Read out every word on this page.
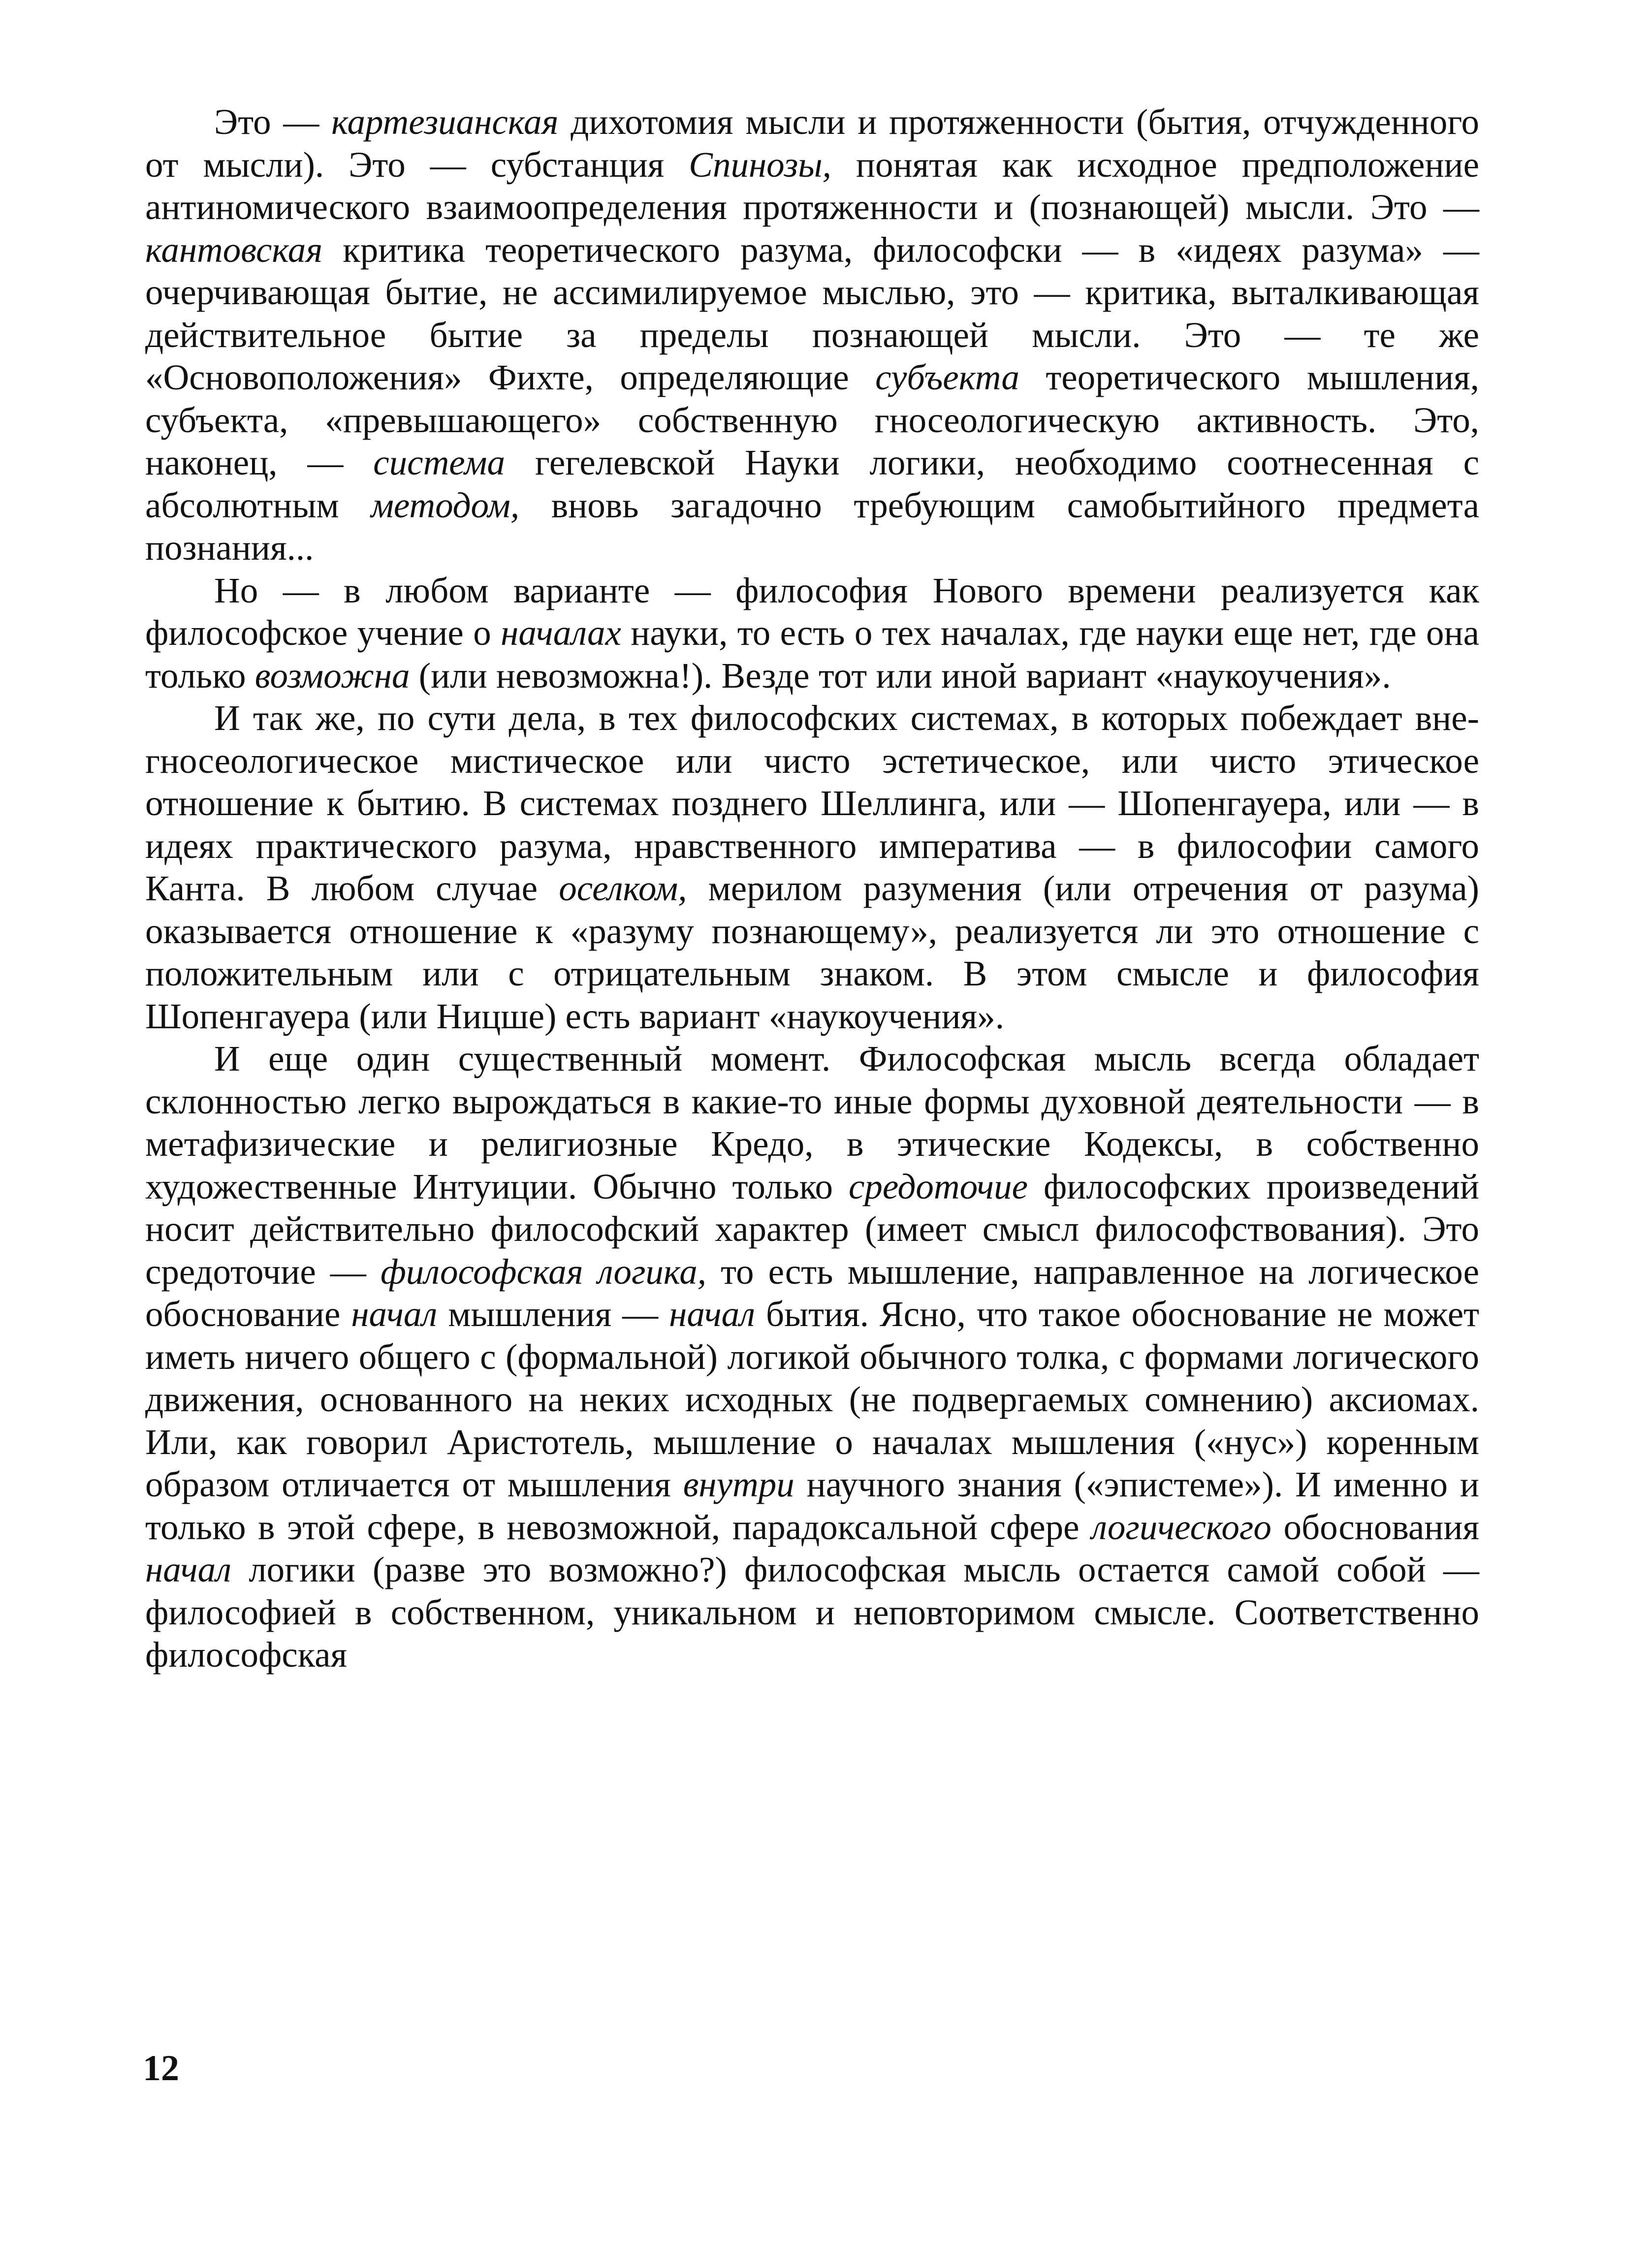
Это — картезианская дихотомия мысли и протяженности (бытия, отчужденного от мысли). Это — субстанция Спинозы, понятая как исходное предположение антиномического взаимоопределения протяженности и (познающей) мысли. Это — кантовская критика теоретического разума, философски — в «идеях разума» — очерчивающая бытие, не ассимилируемое мыслью, это — критика, выталкивающая действительное бытие за пределы познающей мысли. Это — те же «Основоположения» Фихте, определяющие субъекта теоретического мышления, субъекта, «превышающего» собственную гносеологическую активность. Это, наконец, — система гегелевской Науки логики, необходимо соотнесенная с абсолютным методом, вновь загадочно требующим самобытийного предмета познания...

Но — в любом варианте — философия Нового времени реализуется как философское учение о началах науки, то есть о тех началах, где науки еще нет, где она только возможна (или невозможна!). Везде тот или иной вариант «наукоучения».

И так же, по сути дела, в тех философских системах, в которых побеждает вне-гносеологическое мистическое или чисто эстетическое, или чисто этическое отношение к бытию. В системах позднего Шеллинга, или — Шопенгауера, или — в идеях практического разума, нравственного императива — в философии самого Канта. В любом случае оселком, мерилом разумения (или отречения от разума) оказывается отношение к «разуму познающему», реализуется ли это отношение с положительным или с отрицательным знаком. В этом смысле и философия Шопенгауера (или Ницше) есть вариант «наукоучения».

И еще один существенный момент. Философская мысль всегда обладает склонностью легко вырождаться в какие-то иные формы духовной деятельности — в метафизические и религиозные Кредо, в этические Кодексы, в собственно художественные Интуиции. Обычно только средоточие философских произведений носит действительно философский характер (имеет смысл философствования). Это средоточие — философская логика, то есть мышление, направленное на логическое обоснование начал мышления — начал бытия. Ясно, что такое обоснование не может иметь ничего общего с (формальной) логикой обычного толка, с формами логического движения, основанного на неких исходных (не подвергаемых сомнению) аксиомах. Или, как говорил Аристотель, мышление о началах мышления («нус») коренным образом отличается от мышления внутри научного знания («эпистеме»). И именно и только в этой сфере, в невозможной, парадоксальной сфере логического обоснования начал логики (разве это возможно?) философская мысль остается самой собой — философией в собственном, уникальном и неповторимом смысле. Соответственно философская

12
